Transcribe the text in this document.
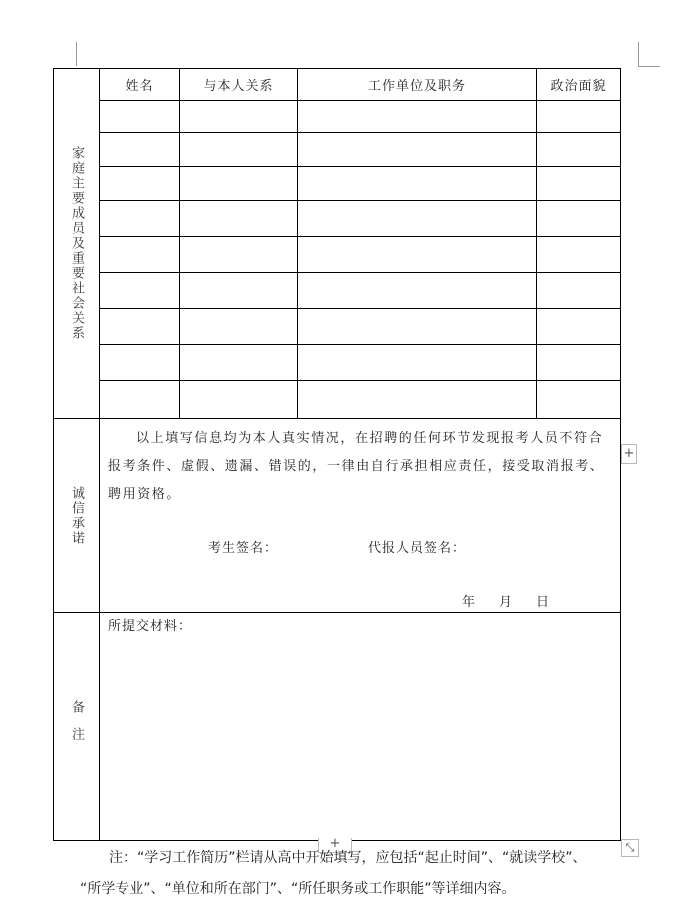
家庭主要成员及重要社会关系	姓名	与本人关系	工作单位及职务	政治面貌

诚信承诺	以上填写信息均为本人真实情况，在招聘的任何环节发现报考人员不符合报考条件、虚假、遗漏、错误的，一律由自行承担相应责任，接受取消报考、聘用资格。
考生签名： 代报人员签名：
年 月 日			

备注	所提交材料：			
+
+	⤡
注：“学习工作简历”栏请从高中开始填写，应包括“起止时间”、“就读学校”、
“所学专业”、“单位和所在部门”、“所任职务或工作职能”等详细内容。
